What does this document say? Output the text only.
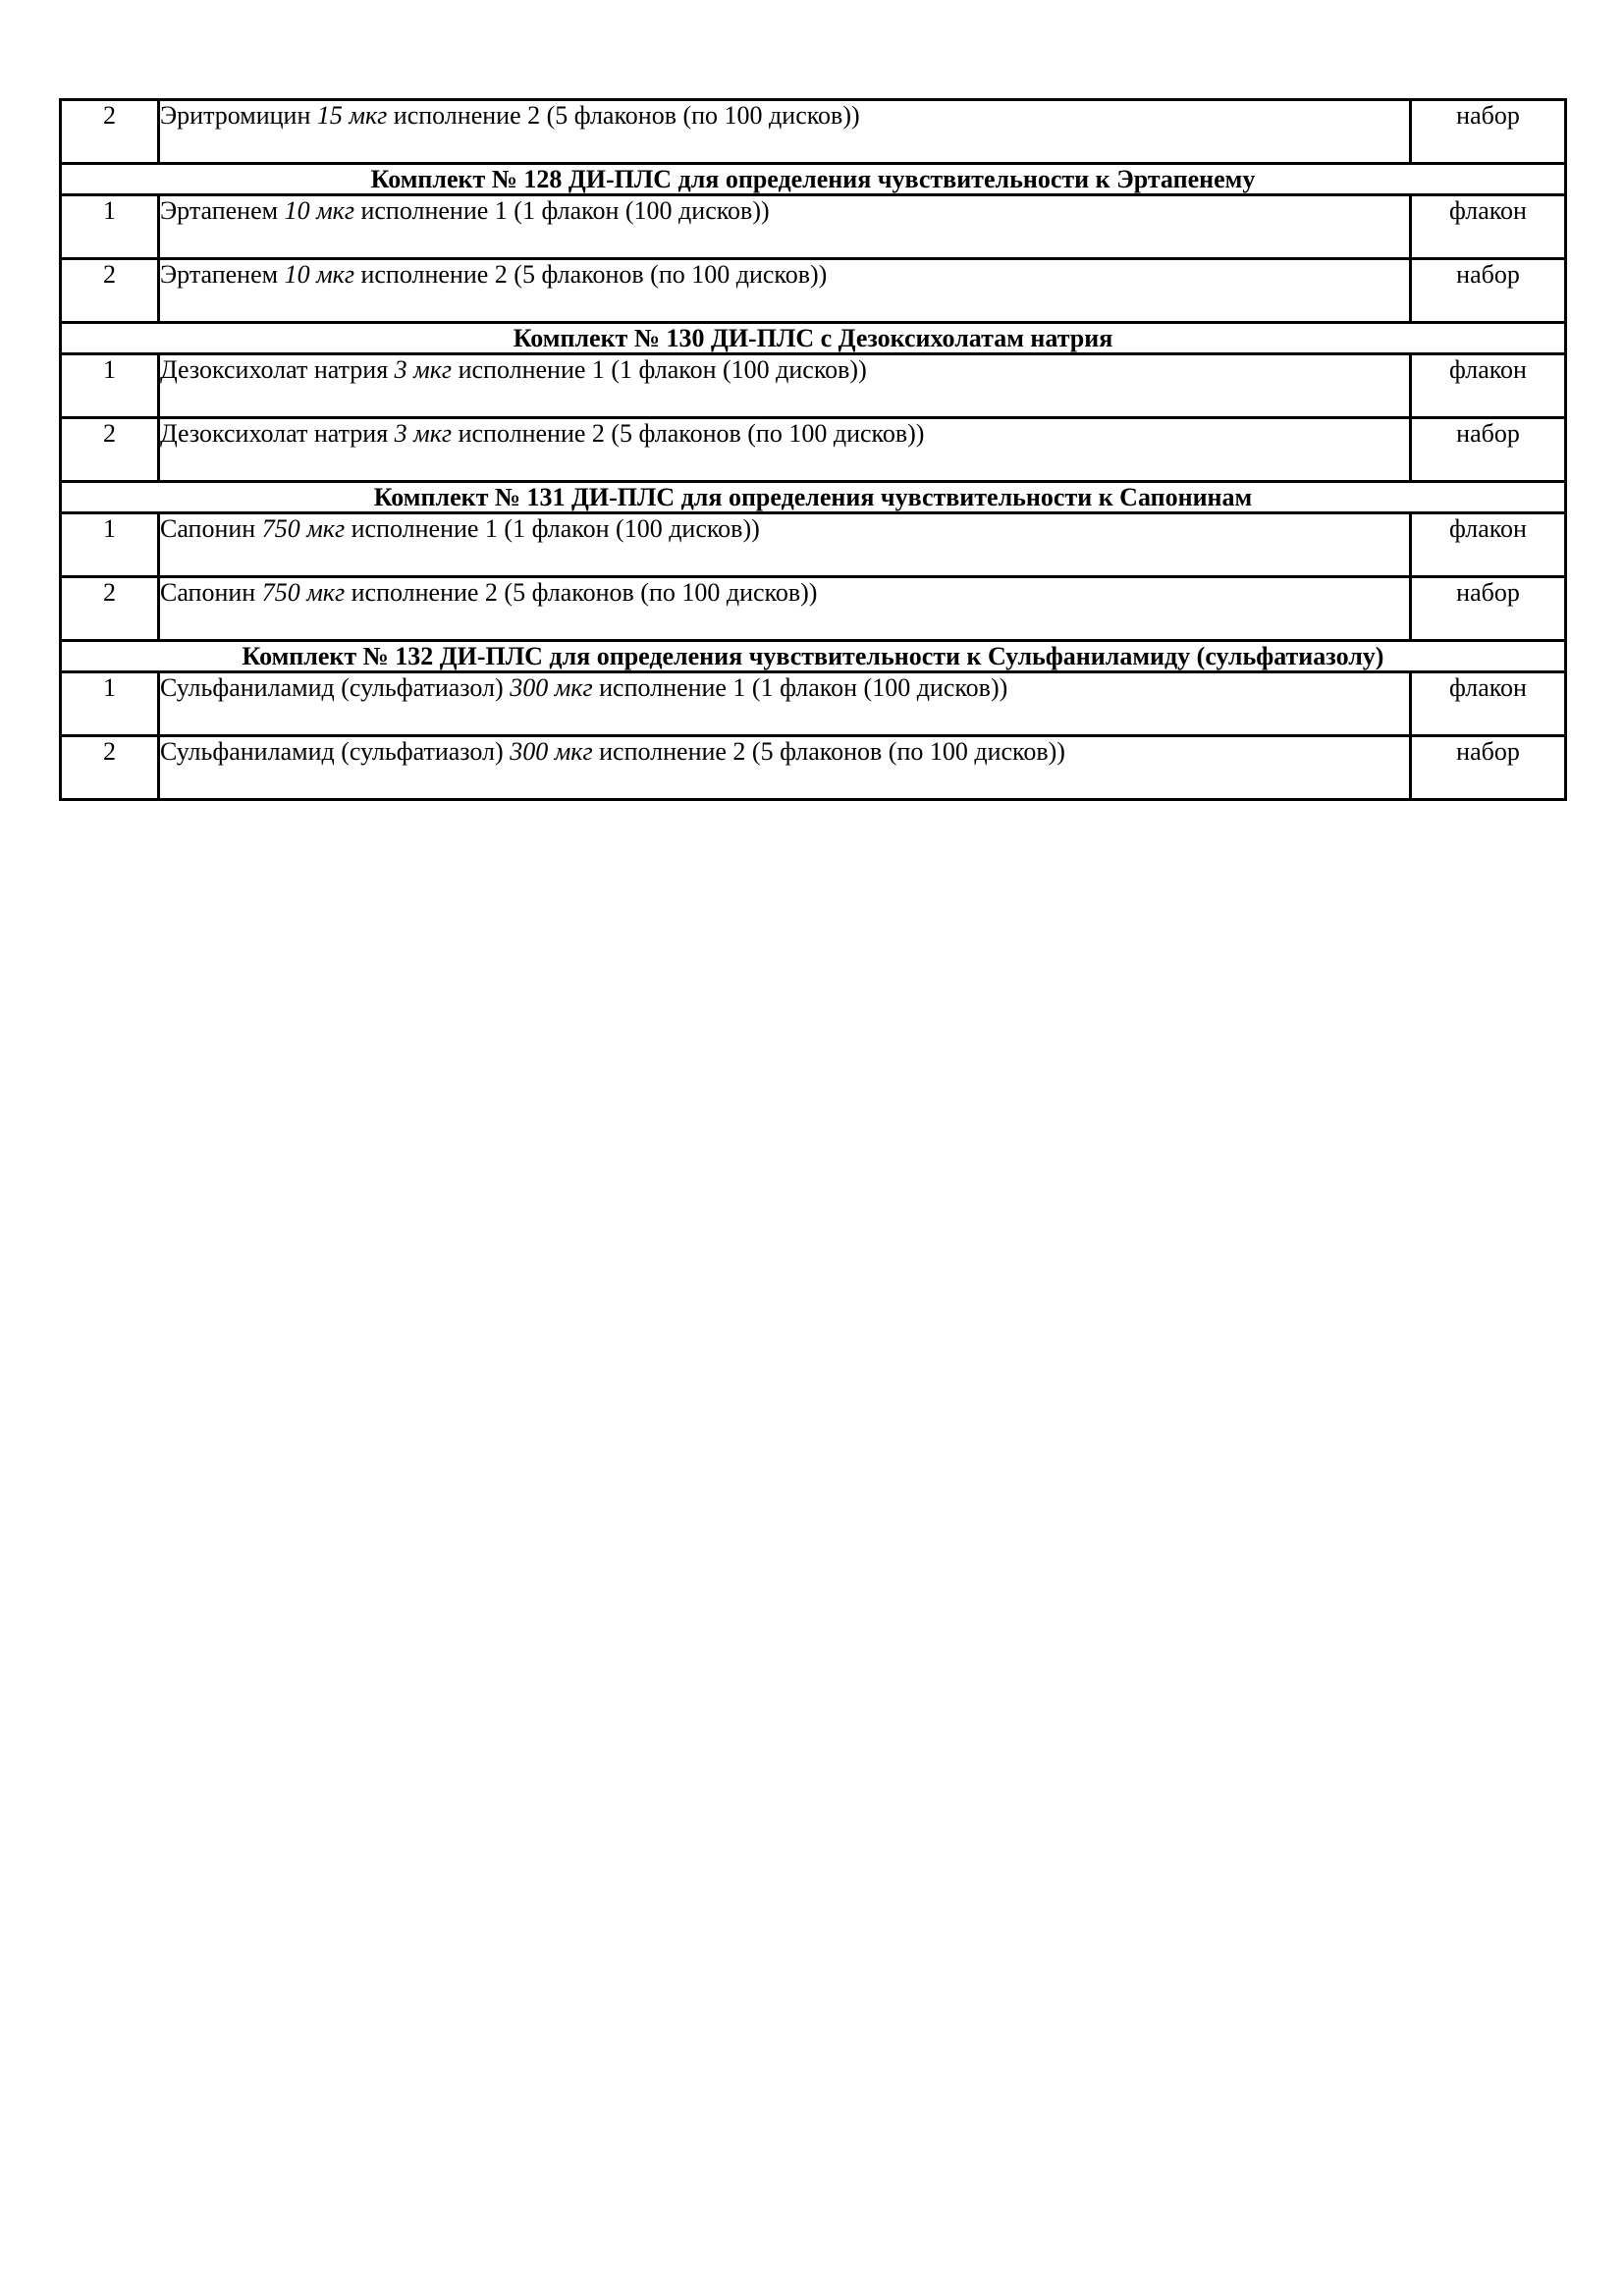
2	Эритромицин 15 мкг исполнение 2 (5 флаконов (по 100 дисков))	набор
Комплект № 128 ДИ-ПЛС для определения чувствительности к Эртапенему		
1	Эртапенем 10 мкг исполнение 1 (1 флакон (100 дисков))	флакон
2	Эртапенем 10 мкг исполнение 2 (5 флаконов (по 100 дисков))	набор
Комплект № 130 ДИ-ПЛС с Дезоксихолатам натрия		
1	Дезоксихолат натрия 3 мкг исполнение 1 (1 флакон (100 дисков))	флакон
2	Дезоксихолат натрия 3 мкг исполнение 2 (5 флаконов (по 100 дисков))	набор
Комплект № 131 ДИ-ПЛС для определения чувствительности к Сапонинам		
1	Сапонин 750 мкг исполнение 1 (1 флакон (100 дисков))	флакон
2	Сапонин 750 мкг исполнение 2 (5 флаконов (по 100 дисков))	набор
Комплект № 132 ДИ-ПЛС для определения чувствительности к Сульфаниламиду (сульфатиазолу)		
1	Сульфаниламид (сульфатиазол) 300 мкг исполнение 1 (1 флакон (100 дисков))	флакон
2	Сульфаниламид (сульфатиазол) 300 мкг исполнение 2 (5 флаконов (по 100 дисков))	набор
